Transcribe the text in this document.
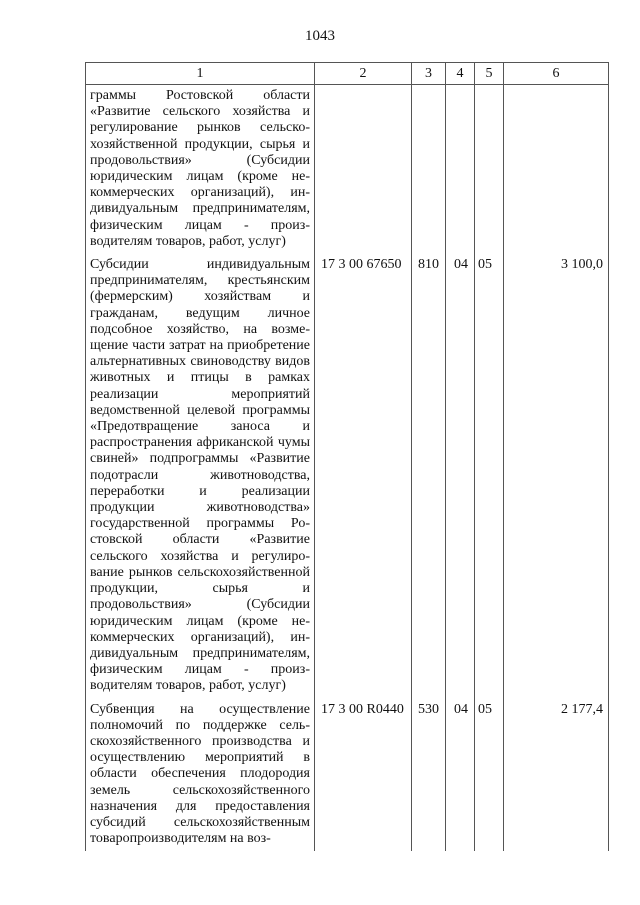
1043
1	2	3	4	5	6
граммы Ростовской области «Развитие сельского хозяйства и регулирование рынков сельскохозяйственной продукции, сырья и продовольствия» (Субсидии юридическим лицам (кроме некоммерческих организаций), индивидуальным предпринимателям, физическим лицам - производителям товаров, работ, услуг)					
Субсидии индивидуальным предпринимателям, крестьянским (фермерским) хозяйствам и гражданам, ведущим личное подсобное хозяйство, на возмещение части затрат на приобретение альтернативных свиноводству видов животных и птицы в рамках реализации мероприятий ведомственной целевой программы «Предотвращение заноса и распространения африканской чумы свиней» подпрограммы «Развитие подотрасли животноводства, переработки и реализации продукции животноводства» государственной программы Ростовской области «Развитие сельского хозяйства и регулирование рынков сельскохозяйственной продукции, сырья и продовольствия» (Субсидии юридическим лицам (кроме некоммерческих организаций), индивидуальным предпринимателям, физическим лицам - производителям товаров, работ, услуг)	17 3 00 67650	810	04	05	3 100,0
Субвенция на осуществление полномочий по поддержке сельскохозяйственного производства и осуществлению мероприятий в области обеспечения плодородия земель сельскохозяйственного назначения для предоставления субсидий сельскохозяйственным товаропроизводителям на воз-	17 3 00 R0440	530	04	05	2 177,4
